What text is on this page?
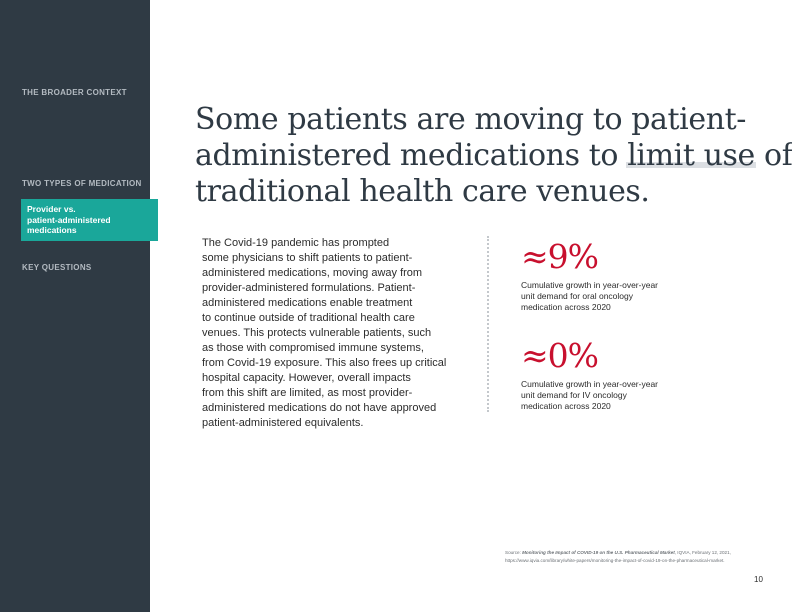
THE BROADER CONTEXT
TWO TYPES OF MEDICATION
Provider vs.
patient-administered
medications
KEY QUESTIONS
Some patients are moving to patient-
administered medications to limit use of
traditional health care venues.
The Covid-19 pandemic has prompted
some physicians to shift patients to patient-
administered medications, moving away from
provider-administered formulations. Patient-
administered medications enable treatment
to continue outside of traditional health care
venues. This protects vulnerable patients, such
as those with compromised immune systems,
from Covid-19 exposure. This also frees up critical
hospital capacity. However, overall impacts
from this shift are limited, as most provider-
administered medications do not have approved
patient-administered equivalents.
≈9%
Cumulative growth in year-over-year
unit demand for oral oncology
medication across 2020
≈0%
Cumulative growth in year-over-year
unit demand for IV oncology
medication across 2020
Source: Monitoring the Impact of COVID-19 on the U.S. Pharmaceutical Market, IQVIA, February 12, 2021,
https://www.iqvia.com/library/white-papers/monitoring-the-impact-of-covid-19-on-the-pharmaceutical-market.
10
